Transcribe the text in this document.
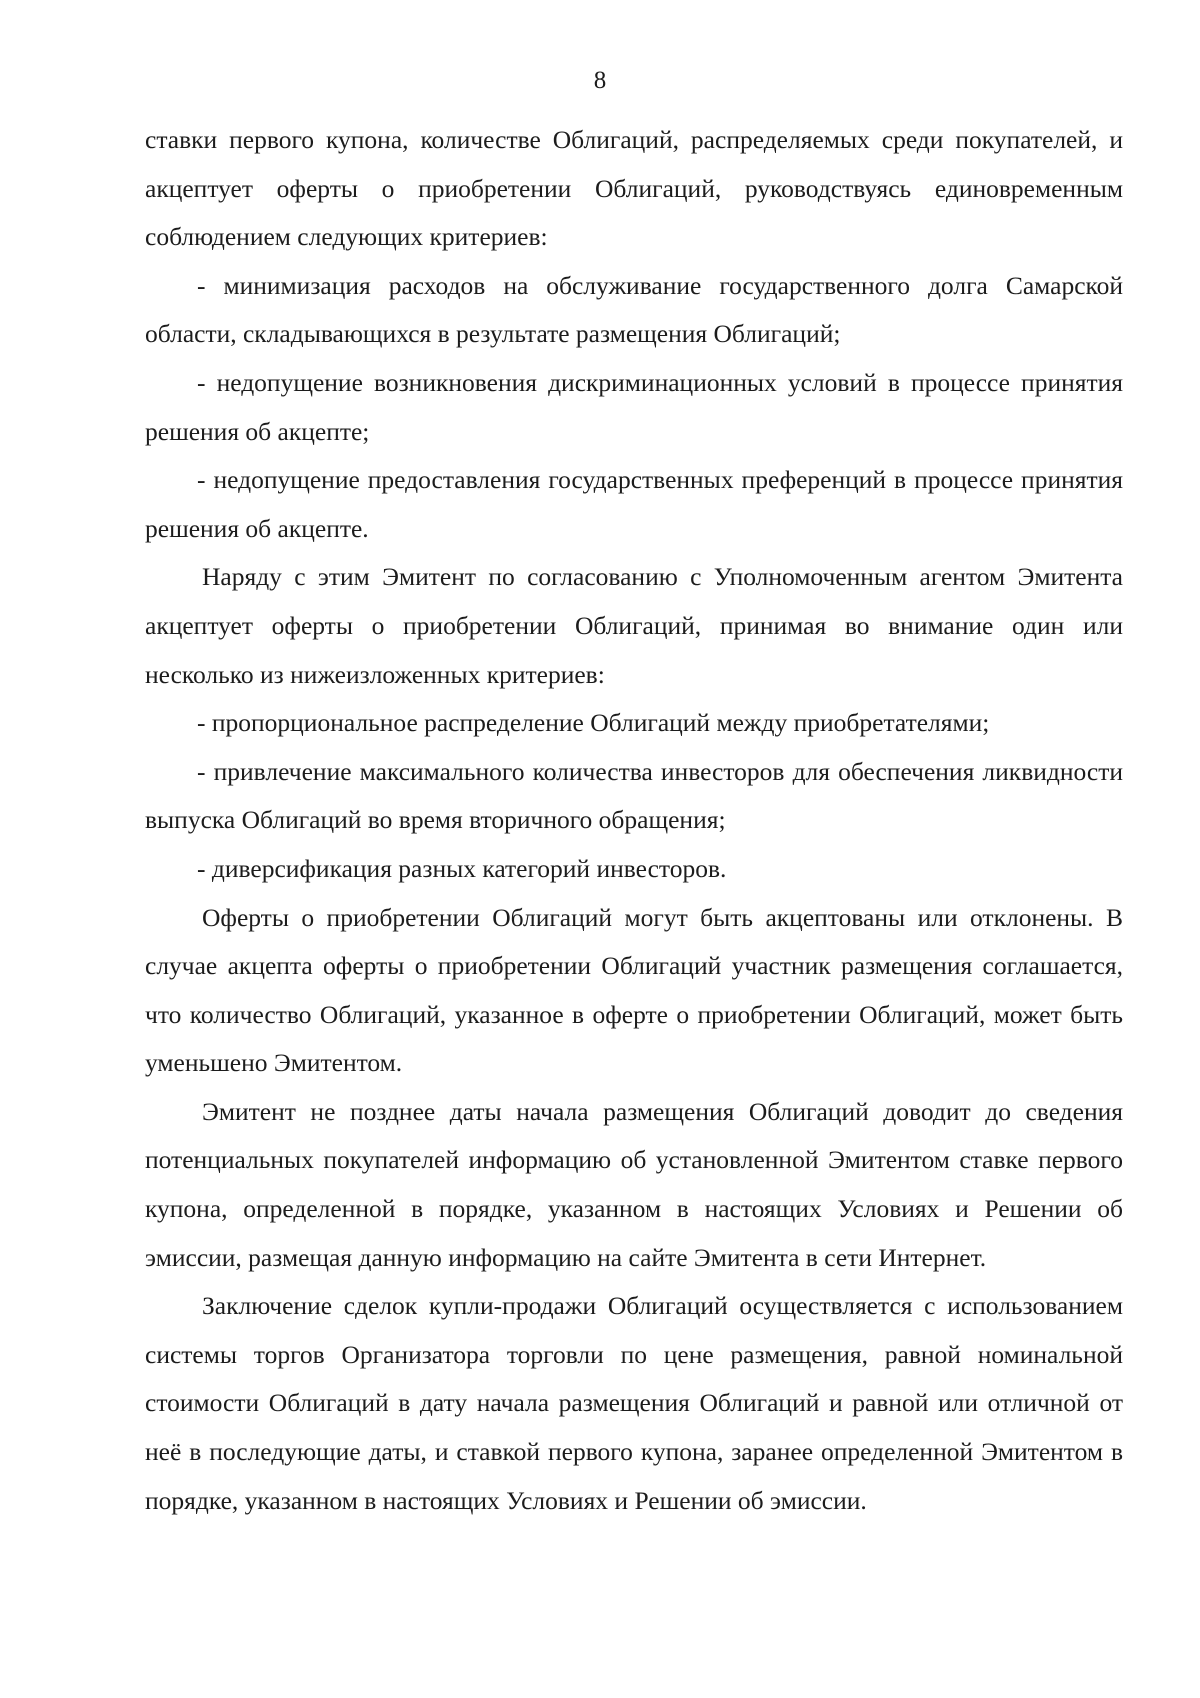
8

ставки первого купона, количестве Облигаций, распределяемых среди покупателей, и акцептует оферты о приобретении Облигаций, руководствуясь единовременным соблюдением следующих критериев:

- минимизация расходов на обслуживание государственного долга Самарской области, складывающихся в результате размещения Облигаций;

- недопущение возникновения дискриминационных условий в процессе принятия решения об акцепте;

- недопущение предоставления государственных преференций в процессе принятия решения об акцепте.

Наряду с этим Эмитент по согласованию с Уполномоченным агентом Эмитента акцептует оферты о приобретении Облигаций, принимая во внимание один или несколько из нижеизложенных критериев:

- пропорциональное распределение Облигаций между приобретателями;

- привлечение максимального количества инвесторов для обеспечения ликвидности выпуска Облигаций во время вторичного обращения;

- диверсификация разных категорий инвесторов.

Оферты о приобретении Облигаций могут быть акцептованы или отклонены. В случае акцепта оферты о приобретении Облигаций участник размещения соглашается, что количество Облигаций, указанное в оферте о приобретении Облигаций, может быть уменьшено Эмитентом.

Эмитент не позднее даты начала размещения Облигаций доводит до сведения потенциальных покупателей информацию об установленной Эмитентом ставке первого купона, определенной в порядке, указанном в настоящих Условиях и Решении об эмиссии, размещая данную информацию на сайте Эмитента в сети Интернет.

Заключение сделок купли-продажи Облигаций осуществляется с использованием системы торгов Организатора торговли по цене размещения, равной номинальной стоимости Облигаций в дату начала размещения Облигаций и равной или отличной от неё в последующие даты, и ставкой первого купона, заранее определенной Эмитентом в порядке, указанном в настоящих Условиях и Решении об эмиссии.
